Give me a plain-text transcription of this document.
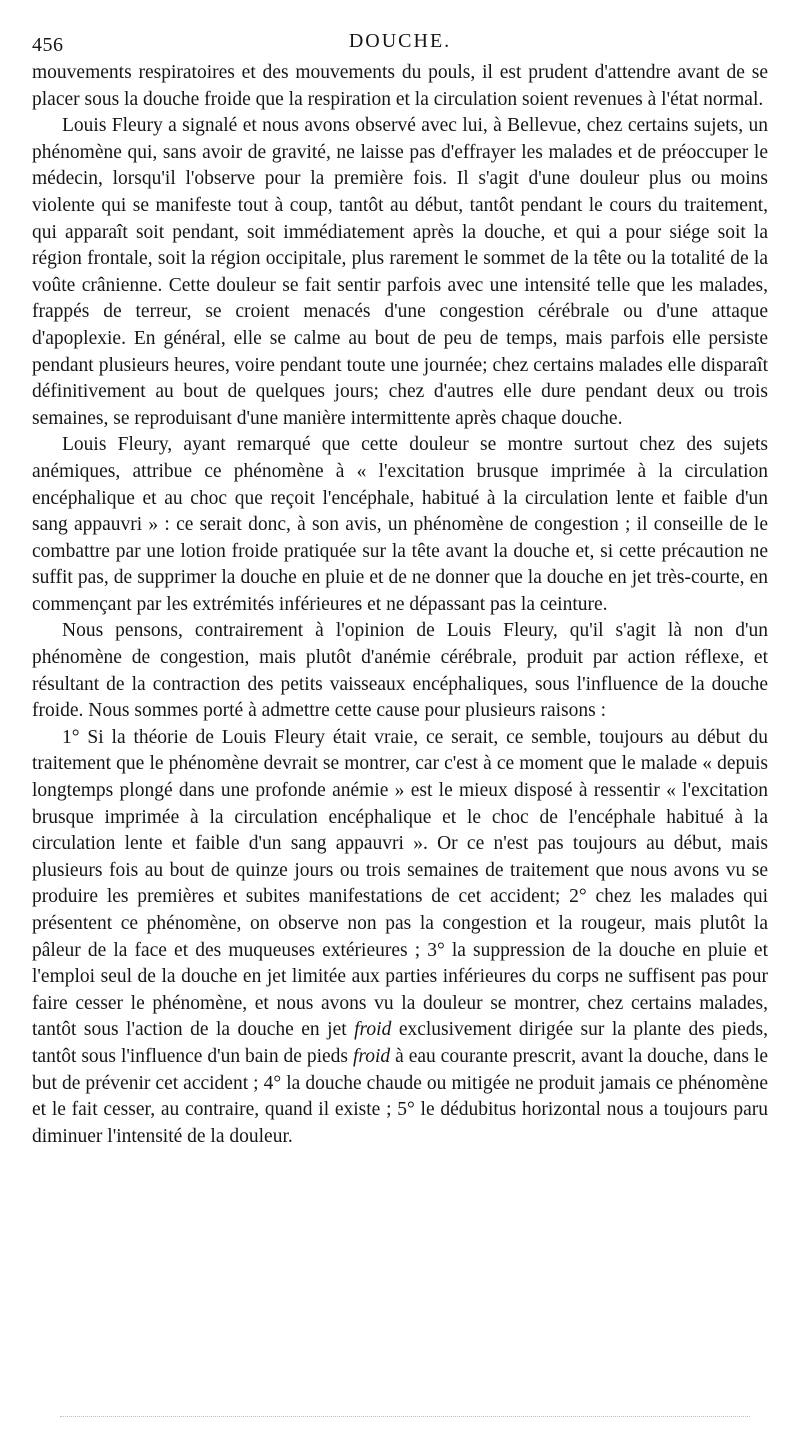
456	DOUCHE.

mouvements respiratoires et des mouvements du pouls, il est prudent d'attendre avant de se placer sous la douche froide que la respiration et la circulation soient revenues à l'état normal.

Louis Fleury a signalé et nous avons observé avec lui, à Bellevue, chez certains sujets, un phénomène qui, sans avoir de gravité, ne laisse pas d'effrayer les malades et de préoccuper le médecin, lorsqu'il l'observe pour la première fois. Il s'agit d'une douleur plus ou moins violente qui se manifeste tout à coup, tantôt au début, tantôt pendant le cours du traitement, qui apparaît soit pendant, soit immédiatement après la douche, et qui a pour siége soit la région frontale, soit la région occipitale, plus rarement le sommet de la tête ou la totalité de la voûte crânienne. Cette douleur se fait sentir parfois avec une intensité telle que les malades, frappés de terreur, se croient menacés d'une congestion cérébrale ou d'une attaque d'apoplexie. En général, elle se calme au bout de peu de temps, mais parfois elle persiste pendant plusieurs heures, voire pendant toute une journée; chez certains malades elle disparaît définitivement au bout de quelques jours; chez d'autres elle dure pendant deux ou trois semaines, se reproduisant d'une manière intermittente après chaque douche.

Louis Fleury, ayant remarqué que cette douleur se montre surtout chez des sujets anémiques, attribue ce phénomène à « l'excitation brusque imprimée à la circulation encéphalique et au choc que reçoit l'encéphale, habitué à la circulation lente et faible d'un sang appauvri » : ce serait donc, à son avis, un phénomène de congestion ; il conseille de le combattre par une lotion froide pratiquée sur la tête avant la douche et, si cette précaution ne suffit pas, de supprimer la douche en pluie et de ne donner que la douche en jet très-courte, en commençant par les extrémités inférieures et ne dépassant pas la ceinture.

Nous pensons, contrairement à l'opinion de Louis Fleury, qu'il s'agit là non d'un phénomène de congestion, mais plutôt d'anémie cérébrale, produit par action réflexe, et résultant de la contraction des petits vaisseaux encéphaliques, sous l'influence de la douche froide. Nous sommes porté à admettre cette cause pour plusieurs raisons :

1° Si la théorie de Louis Fleury était vraie, ce serait, ce semble, toujours au début du traitement que le phénomène devrait se montrer, car c'est à ce moment que le malade « depuis longtemps plongé dans une profonde anémie » est le mieux disposé à ressentir « l'excitation brusque imprimée à la circulation encéphalique et le choc de l'encéphale habitué à la circulation lente et faible d'un sang appauvri ». Or ce n'est pas toujours au début, mais plusieurs fois au bout de quinze jours ou trois semaines de traitement que nous avons vu se produire les premières et subites manifestations de cet accident; 2° chez les malades qui présentent ce phénomène, on observe non pas la congestion et la rougeur, mais plutôt la pâleur de la face et des muqueuses extérieures ; 3° la suppression de la douche en pluie et l'emploi seul de la douche en jet limitée aux parties inférieures du corps ne suffisent pas pour faire cesser le phénomène, et nous avons vu la douleur se montrer, chez certains malades, tantôt sous l'action de la douche en jet froid exclusivement dirigée sur la plante des pieds, tantôt sous l'influence d'un bain de pieds froid à eau courante prescrit, avant la douche, dans le but de prévenir cet accident ; 4° la douche chaude ou mitigée ne produit jamais ce phénomène et le fait cesser, au contraire, quand il existe ; 5° le dédubitus horizontal nous a toujours paru diminuer l'intensité de la douleur.
